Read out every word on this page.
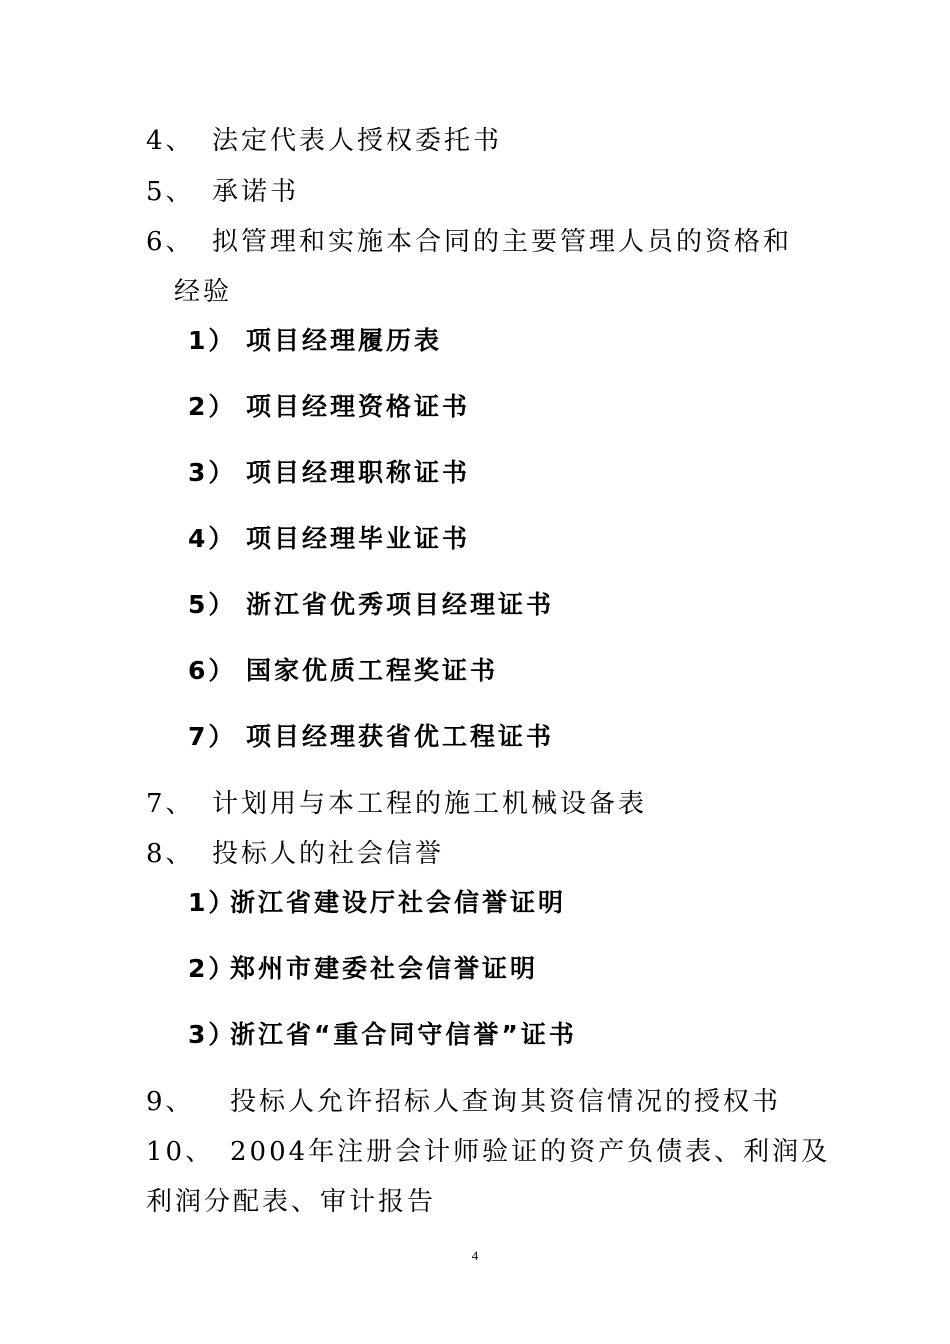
4、 法定代表人授权委托书
5、 承诺书
6、 拟管理和实施本合同的主要管理人员的资格和
经验
1） 项目经理履历表
2） 项目经理资格证书
3） 项目经理职称证书
4） 项目经理毕业证书
5） 浙江省优秀项目经理证书
6） 国家优质工程奖证书
7） 项目经理获省优工程证书
7、 计划用与本工程的施工机械设备表
8、 投标人的社会信誉
1）浙江省建设厅社会信誉证明
2）郑州市建委社会信誉证明
3）浙江省“重合同守信誉”证书
9、 投标人允许招标人查询其资信情况的授权书
10、 2004年注册会计师验证的资产负债表、利润及
利润分配表、审计报告
4
